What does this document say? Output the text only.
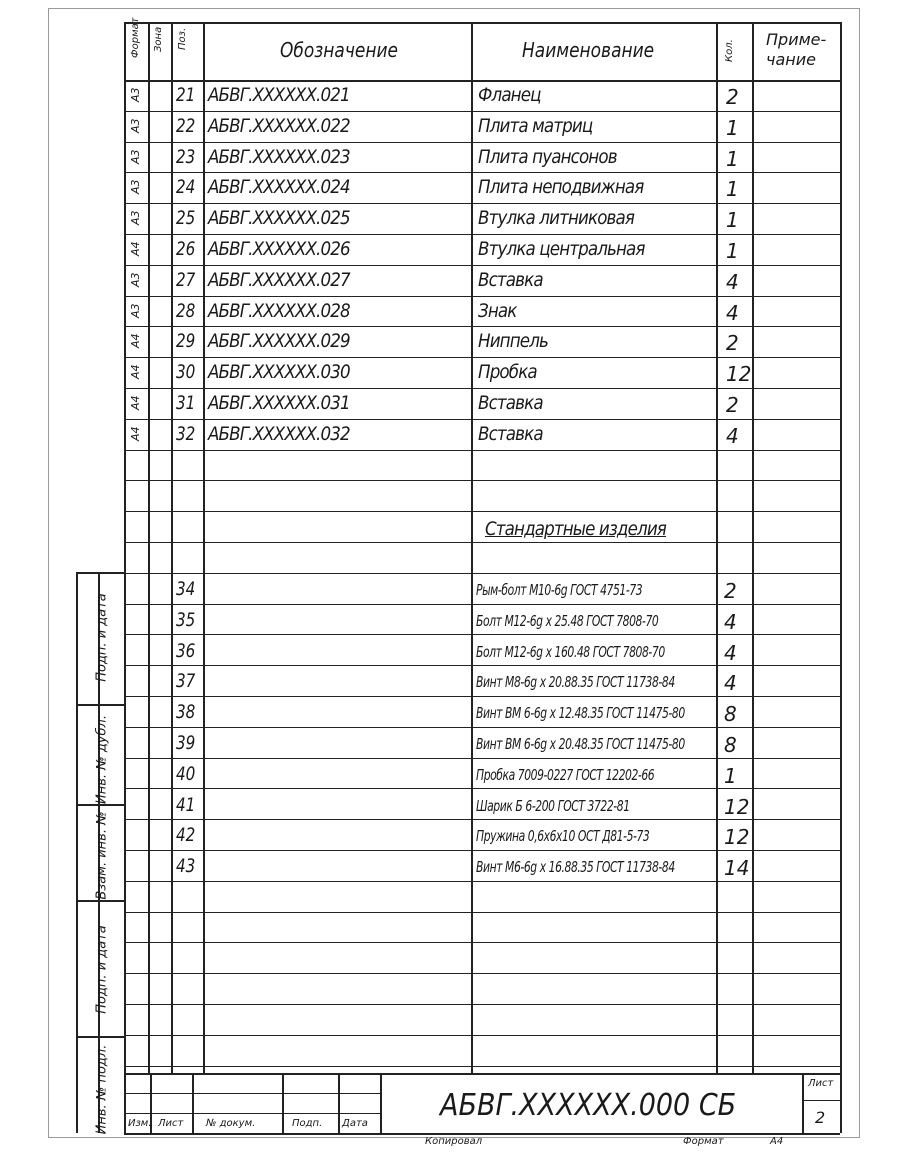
Формат Зона Поз.	Обозначение	Наименование	Кол. Приме-
чание
А3 21 АБВГ.XXXXXX.021	Фланец	2
А3 22 АБВГ.XXXXXX.022	Плита матриц	1
А3 23 АБВГ.XXXXXX.023	Плита пуансонов	1
А3 24 АБВГ.XXXXXX.024	Плита неподвижная	1
А3 25 АБВГ.XXXXXX.025	Втулка литниковая	1
А4 26 АБВГ.XXXXXX.026	Втулка центральная	1
А3 27 АБВГ.XXXXXX.027	Вставка	4
А3 28 АБВГ.XXXXXX.028	Знак	4
А4 29 АБВГ.XXXXXX.029	Ниппель	2
А4 30 АБВГ.XXXXXX.030	Пробка	12
А4 31 АБВГ.XXXXXX.031	Вставка	2
А4 32 АБВГ.XXXXXX.032	Вставка	4
Стандартные изделия
34	Рым-болт М10-6g ГОСТ 4751-73	2
35	Болт М12-6g x 25.48 ГОСТ 7808-70	4
36	Болт М12-6g x 160.48 ГОСТ 7808-70	4
37	Винт М8-6g x 20.88.35 ГОСТ 11738-84 4
38	Винт ВМ 6-6g x 12.48.35 ГОСТ 11475-80 8
39	Винт ВМ 6-6g x 20.48.35 ГОСТ 11475-80 8
40	Пробка 7009-0227 ГОСТ 12202-66	1
41	Шарик Б 6-200 ГОСТ 3722-81	12
42	Пружина 0,6x6x10 ОСТ Д81-5-73	12
43	Винт М6-6g x 16.88.35 ГОСТ 11738-84 14
Подп. и дата
Инв. № дубл.
Взам. инв. №
Подп. и дата
Инв. № подл.	АБВГ.XXXXXX.000 СБ
Лист
2
Изм. Лист № докум.	Подп. Дата
Копировал	Формат	А4
